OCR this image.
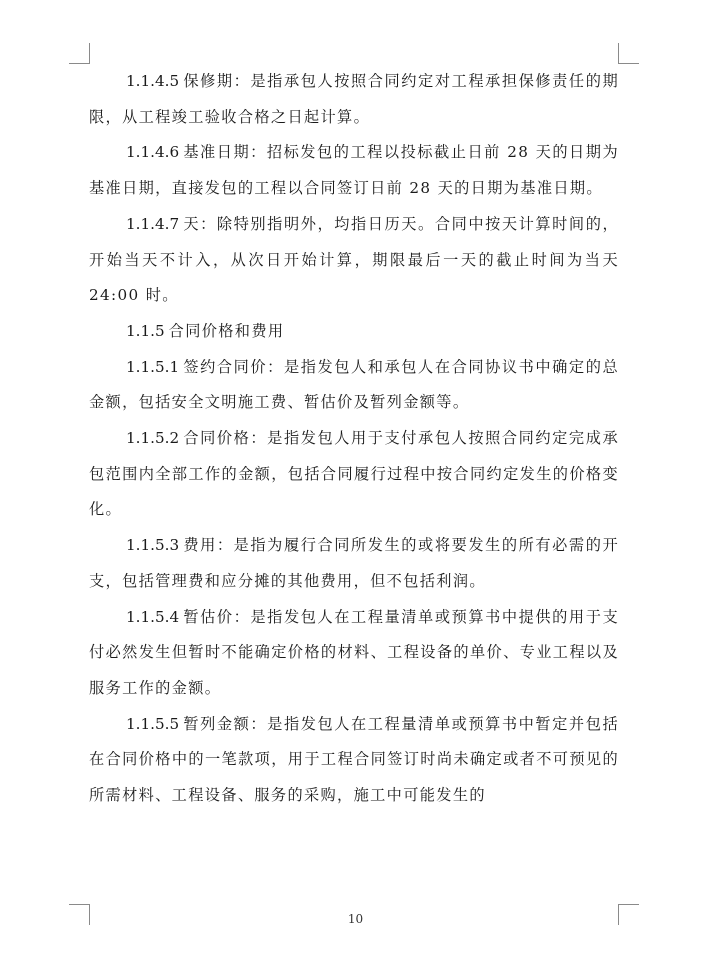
1.1.4.5 保修期：是指承包人按照合同约定对工程承担保修责任的期限，从工程竣工验收合格之日起计算。

1.1.4.6 基准日期：招标发包的工程以投标截止日前 28 天的日期为基准日期，直接发包的工程以合同签订日前 28 天的日期为基准日期。

1.1.4.7 天：除特别指明外，均指日历天。合同中按天计算时间的，开始当天不计入，从次日开始计算，期限最后一天的截止时间为当天 24:00 时。

1.1.5 合同价格和费用

1.1.5.1 签约合同价：是指发包人和承包人在合同协议书中确定的总金额，包括安全文明施工费、暂估价及暂列金额等。

1.1.5.2 合同价格：是指发包人用于支付承包人按照合同约定完成承包范围内全部工作的金额，包括合同履行过程中按合同约定发生的价格变化。

1.1.5.3 费用：是指为履行合同所发生的或将要发生的所有必需的开支，包括管理费和应分摊的其他费用，但不包括利润。

1.1.5.4 暂估价：是指发包人在工程量清单或预算书中提供的用于支付必然发生但暂时不能确定价格的材料、工程设备的单价、专业工程以及服务工作的金额。

1.1.5.5 暂列金额：是指发包人在工程量清单或预算书中暂定并包括在合同价格中的一笔款项，用于工程合同签订时尚未确定或者不可预见的所需材料、工程设备、服务的采购，施工中可能发生的

10
